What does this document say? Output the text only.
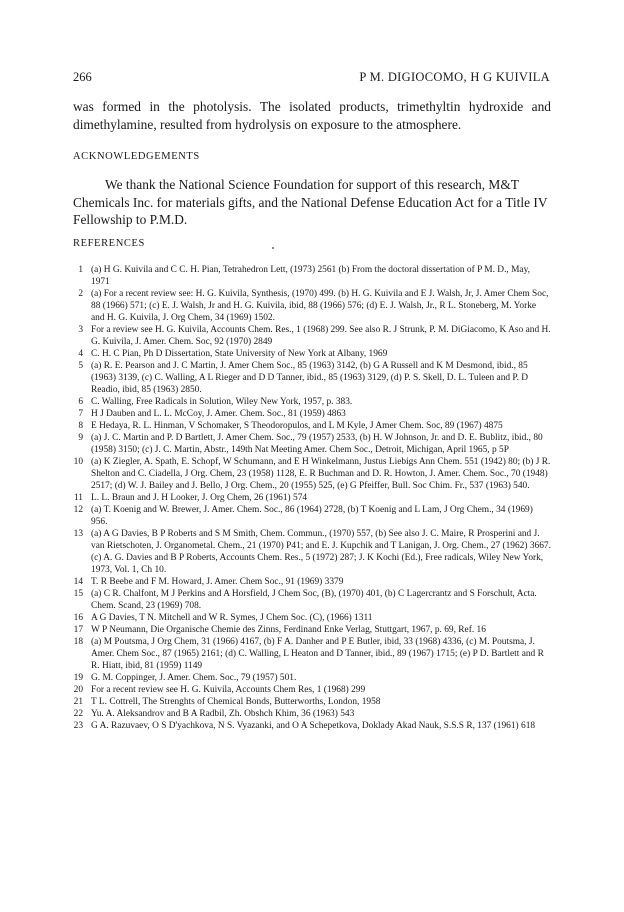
266	P M. DIGIOCOMO, H G KUIVILA

was formed in the photolysis. The isolated products, trimethyltin hydroxide and dimethylamine, resulted from hydrolysis on exposure to the atmosphere.

ACKNOWLEDGEMENTS

We thank the National Science Foundation for support of this research, M&T Chemicals Inc. for materials gifts, and the National Defense Education Act for a Title IV Fellowship to P.M.D.

REFERENCES

1 (a) H G. Kuivila and C C. H. Pian, Tetrahedron Lett, (1973) 2561 (b) From the doctoral dissertation of P M. D., May, 1971
2 (a) For a recent review see: H. G. Kuivila, Synthesis, (1970) 499. (b) H. G. Kuivila and E J. Walsh, Jr, J. Amer Chem Soc, 88 (1966) 571; (c) E. J. Walsh, Jr and H. G. Kuivila, ibid, 88 (1966) 576; (d) E. J. Walsh, Jr., R L. Stoneberg, M. Yorke and H. G. Kuivila, J. Org Chem, 34 (1969) 1502.
3 For a review see H. G. Kuivila, Accounts Chem. Res., 1 (1968) 299. See also R. J Strunk, P. M. DiGiacomo, K Aso and H. G. Kuivila, J. Amer. Chem. Soc, 92 (1970) 2849
4 C. H. C Pian, Ph D Dissertation, State University of New York at Albany, 1969
5 (a) R. E. Pearson and J. C Martin, J. Amer Chem Soc., 85 (1963) 3142, (b) G A Russell and K M Desmond, ibid., 85 (1963) 3139, (c) C. Walling, A L Rieger and D D Tanner, ibid., 85 (1963) 3129, (d) P. S. Skell, D. L. Tuleen and P. D Readio, ibid, 85 (1963) 2850.
6 C. Walling, Free Radicals in Solution, Wiley New York, 1957, p. 383.
7 H J Dauben and L. L. McCoy, J. Amer. Chem. Soc., 81 (1959) 4863
8 E Hedaya, R. L. Hinman, V Schomaker, S Theodoropulos, and L M Kyle, J Amer Chem. Soc, 89 (1967) 4875
9 (a) J. C. Martin and P. D Bartlett, J. Amer Chem. Soc., 79 (1957) 2533, (b) H. W Johnson, Jr. and D. E. Bublitz, ibid., 80 (1958) 3150; (c) J. C. Martin, Abstr., 149th Nat Meeting Amer. Chem Soc., Detroit, Michigan, April 1965, p 5P
10 (a) K Ziegler, A. Spath, E. Schopf, W Schumann, and E H Winkelmann, Justus Liebigs Ann Chem. 551 (1942) 80; (b) J R. Shelton and C. Ciadella, J Org. Chem, 23 (1958) 1128, E. R Buchman and D. R. Howton, J. Amer. Chem. Soc., 70 (1948) 2517; (d) W. J. Bailey and J. Bello, J Org. Chem., 20 (1955) 525, (e) G Pfeiffer, Bull. Soc Chim. Fr., 537 (1963) 540.
11 L. L. Braun and J. H Looker, J. Org Chem, 26 (1961) 574
12 (a) T. Koenig and W. Brewer, J. Amer. Chem. Soc., 86 (1964) 2728, (b) T Koenig and L Lam, J Org Chem., 34 (1969) 956.
13 (a) A G Davies, B P Roberts and S M Smith, Chem. Commun., (1970) 557, (b) See also J. C. Maire, R Prosperini and J. van Rietschoten, J. Organometal. Chem., 21 (1970) P41; and E. J. Kupchik and T Lanigan, J. Org. Chem., 27 (1962) 3667. (c) A. G. Davies and B P Roberts, Accounts Chem. Res., 5 (1972) 287; J. K Kochi (Ed.), Free radicals, Wiley New York, 1973, Vol. 1, Ch 10.
14 T. R Beebe and F M. Howard, J. Amer. Chem Soc., 91 (1969) 3379
15 (a) C R. Chalfont, M J Perkins and A Horsfield, J Chem Soc, (B), (1970) 401, (b) C Lagercrantz and S Forschult, Acta. Chem. Scand, 23 (1969) 708.
16 A G Davies, T N. Mitchell and W R. Symes, J Chem Soc. (C), (1966) 1311
17 W P Neumann, Die Organische Chemie des Zinns, Ferdinand Enke Verlag, Stuttgart, 1967, p. 69, Ref. 16
18 (a) M Poutsma, J Org Chem, 31 (1966) 4167, (b) F A. Danher and P E Butler, ibid, 33 (1968) 4336, (c) M. Poutsma, J. Amer. Chem Soc., 87 (1965) 2161; (d) C. Walling, L Heaton and D Tanner, ibid., 89 (1967) 1715; (e) P D. Bartlett and R R. Hiatt, ibid, 81 (1959) 1149
19 G. M. Coppinger, J. Amer. Chem. Soc., 79 (1957) 501.
20 For a recent review see H. G. Kuivila, Accounts Chem Res, 1 (1968) 299
21 T L. Cottrell, The Strenghts of Chemical Bonds, Butterworths, London, 1958
22 Yu. A. Aleksandrov and B A Radbil, Zh. Obshch Khim, 36 (1963) 543
23 G A. Razuvaev, O S D'yachkova, N S. Vyazanki, and O A Schepetkova, Doklady Akad Nauk, S.S.S R, 137 (1961) 618
